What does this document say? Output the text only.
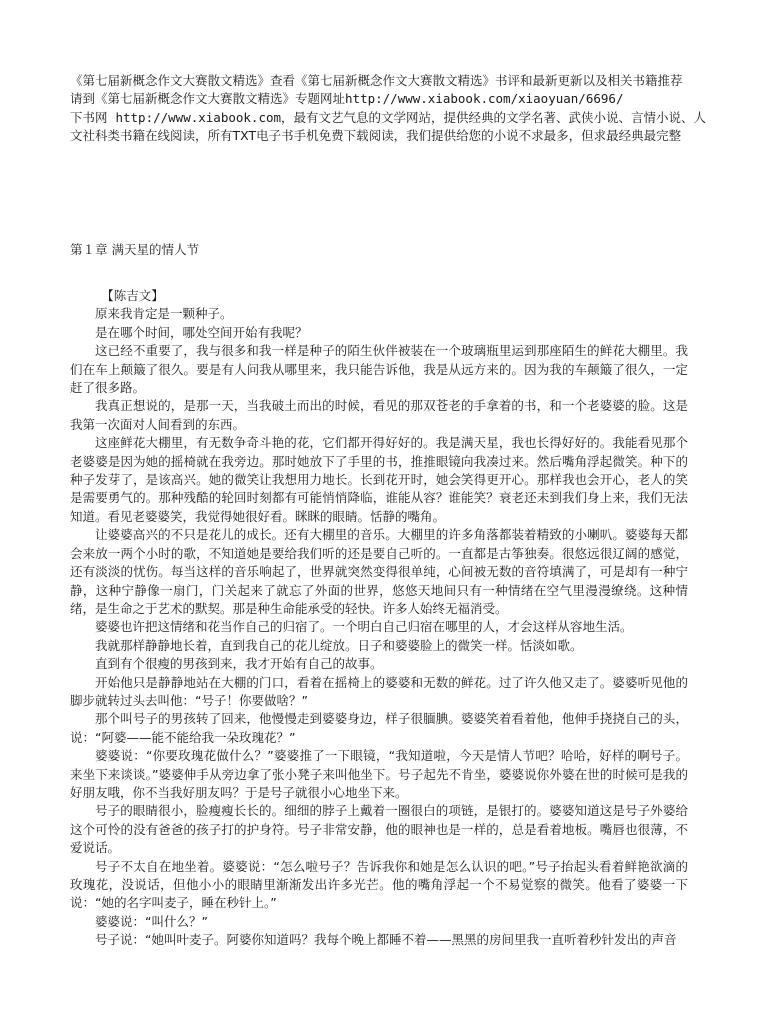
《第七届新概念作文大赛散文精选》查看《第七届新概念作文大赛散文精选》书评和最新更新以及相关书籍推荐

请到《第七届新概念作文大赛散文精选》专题网址http://www.xiabook.com/xiaoyuan/6696/

下书网 http://www.xiabook.com，最有文艺气息的文学网站，提供经典的文学名著、武侠小说、言情小说、人文社科类书籍在线阅读，所有TXT电子书手机免费下载阅读，我们提供给您的小说不求最多，但求最经典最完整

第１章 满天星的情人节

【陈吉文】

原来我肯定是一颗种子。

是在哪个时间，哪处空间开始有我呢？

这已经不重要了，我与很多和我一样是种子的陌生伙伴被装在一个玻璃瓶里运到那座陌生的鲜花大棚里。我们在车上颠簸了很久。要是有人问我从哪里来，我只能告诉他，我是从远方来的。因为我的车颠簸了很久，一定赶了很多路。

我真正想说的，是那一天，当我破土而出的时候，看见的那双苍老的手拿着的书，和一个老婆婆的脸。这是我第一次面对人间看到的东西。

这座鲜花大棚里，有无数争奇斗艳的花，它们都开得好好的。我是满天星，我也长得好好的。我能看见那个老婆婆是因为她的摇椅就在我旁边。那时她放下了手里的书，推推眼镜向我凑过来。然后嘴角浮起微笑。种下的种子发芽了，是该高兴。她的微笑让我想用力地长。长到花开时，她会笑得更开心。那样我也会开心，老人的笑是需要勇气的。那种残酷的轮回时刻都有可能悄悄降临，谁能从容？谁能笑？衰老还未到我们身上来，我们无法知道。看见老婆婆笑，我觉得她很好看。眯眯的眼睛。恬静的嘴角。

让婆婆高兴的不只是花儿的成长。还有大棚里的音乐。大棚里的许多角落都装着精致的小喇叭。婆婆每天都会来放一两个小时的歌，不知道她是要给我们听的还是要自己听的。一直都是古筝独奏。很悠远很辽阔的感觉，还有淡淡的忧伤。每当这样的音乐响起了，世界就突然变得很单纯，心间被无数的音符填满了，可是却有一种宁静，这种宁静像一扇门，门关起来了就忘了外面的世界，悠悠天地间只有一种情绪在空气里漫漫缭绕。这种情绪，是生命之于艺术的默契。那是种生命能承受的轻快。许多人始终无福消受。

婆婆也许把这情绪和花当作自己的归宿了。一个明白自己归宿在哪里的人，才会这样从容地生活。

我就那样静静地长着，直到我自己的花儿绽放。日子和婆婆脸上的微笑一样。恬淡如歌。

直到有个很瘦的男孩到来，我才开始有自己的故事。

开始他只是静静地站在大棚的门口，看着在摇椅上的婆婆和无数的鲜花。过了许久他又走了。婆婆听见他的脚步就转过头去叫他：“号子！你要做啥？”

那个叫号子的男孩转了回来，他慢慢走到婆婆身边，样子很腼腆。婆婆笑着看着他，他伸手挠挠自己的头，说：“阿婆——能不能给我一朵玫瑰花？”

婆婆说：“你要玫瑰花做什么？”婆婆推了一下眼镜，“我知道啦，今天是情人节吧？哈哈，好样的啊号子。来坐下来谈谈。”婆婆伸手从旁边拿了张小凳子来叫他坐下。号子起先不肯坐，婆婆说你外婆在世的时候可是我的好朋友哦，你不当我好朋友吗？于是号子就很小心地坐下来。

号子的眼睛很小，脸瘦瘦长长的。细细的脖子上戴着一圈很白的项链，是银打的。婆婆知道这是号子外婆给这个可怜的没有爸爸的孩子打的护身符。号子非常安静，他的眼神也是一样的，总是看着地板。嘴唇也很薄，不爱说话。

号子不太自在地坐着。婆婆说：“怎么啦号子？告诉我你和她是怎么认识的吧。”号子抬起头看着鲜艳欲滴的玫瑰花，没说话，但他小小的眼睛里渐渐发出许多光芒。他的嘴角浮起一个不易觉察的微笑。他看了婆婆一下说：“她的名字叫麦子，睡在秒针上。”

婆婆说：“叫什么？”

号子说：“她叫叶麦子。阿婆你知道吗？我每个晚上都睡不着——黑黑的房间里我一直听着秒针发出的声音
